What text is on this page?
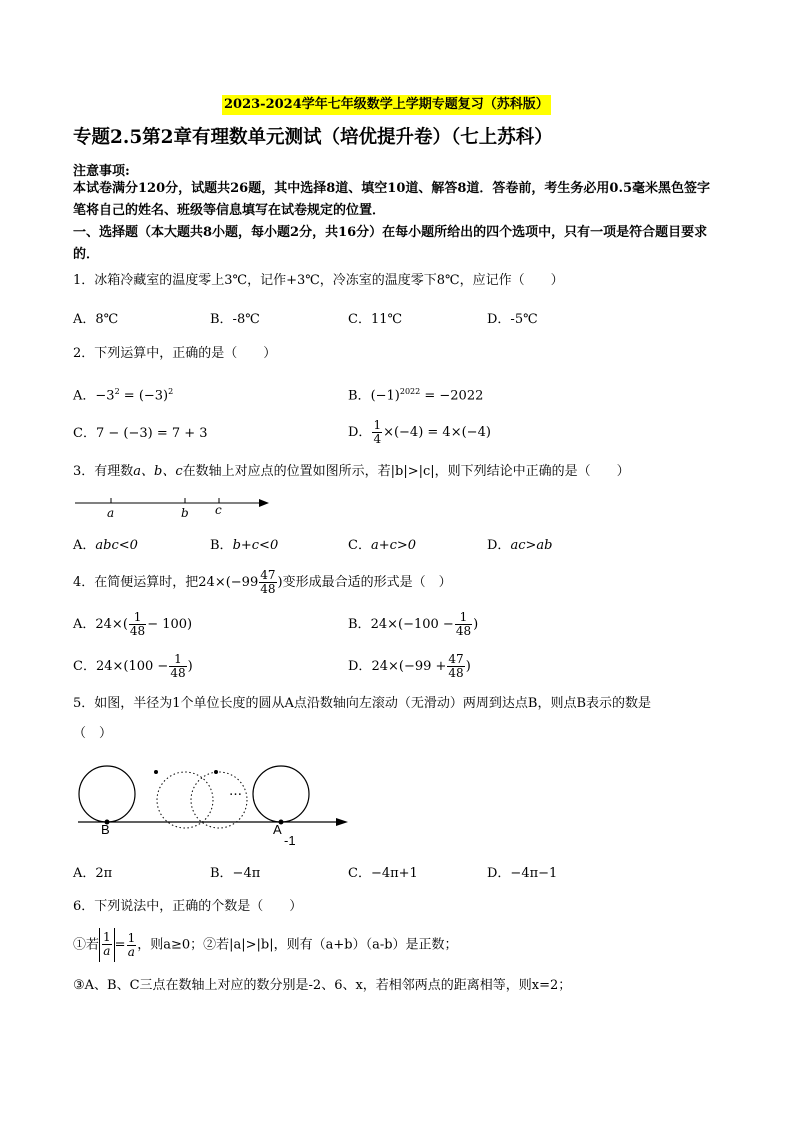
2023-2024学年七年级数学上学期专题复习（苏科版）
专题2.5第2章有理数单元测试（培优提升卷）（七上苏科）
注意事项:
本试卷满分120分，试题共26题，其中选择8道、填空10道、解答8道．答卷前，考生务必用0.5毫米黑色签字笔将自己的姓名、班级等信息填写在试卷规定的位置．
一、选择题（本大题共8小题，每小题2分，共16分）在每小题所给出的四个选项中，只有一项是符合题目要求的．
1．冰箱冷藏室的温度零上3℃，记作+3℃，冷冻室的温度零下8℃，应记作（　　）
A．8℃	B．-8℃	C．11℃	D．-5℃
2．下列运算中，正确的是（　　）
A．$-3^2 = (-3)^2$	B．$(-1)^{2022} = -2022$
C．7 − (−3) = 7 + 3	D． $\frac{1}{4} \times(-4) = 4\times(-4)$
3．有理数a、b、c在数轴上对应点的位置如图所示，若|b|>|c|，则下列结论中正确的是（　　）
a	b c
A．abc<0	B．b+c<0	C．a+c>0	D．ac>ab
4．在简便运算时，把$24\times(-99 \frac{47}{48}$ )变形成最合适的形式是（　）
A．$24\times( \frac{1}{48} - 100)$	B．$24\times(-100 - \frac{1}{48}$ )
C．$24\times(100 - \frac{1}{48}$ )	D．$24\times(-99 + \frac{47}{48}$ )
5．如图，半径为1个单位长度的圆从A点沿数轴向左滚动（无滑动）两周到达点B，则点B表示的数是
（　）
…
B	A
-1
A．2π	B．−4π	C．−4π+1	D．−4π−1
6．下列说法中，正确的个数是（　　）
①若 $\frac{1}{a} = \frac{1}{a}$ ，则a≥0；②若|a|>|b|，则有（a+b）（a-b）是正数；
③A、B、C三点在数轴上对应的数分别是-2、6、x，若相邻两点的距离相等，则x=2；
